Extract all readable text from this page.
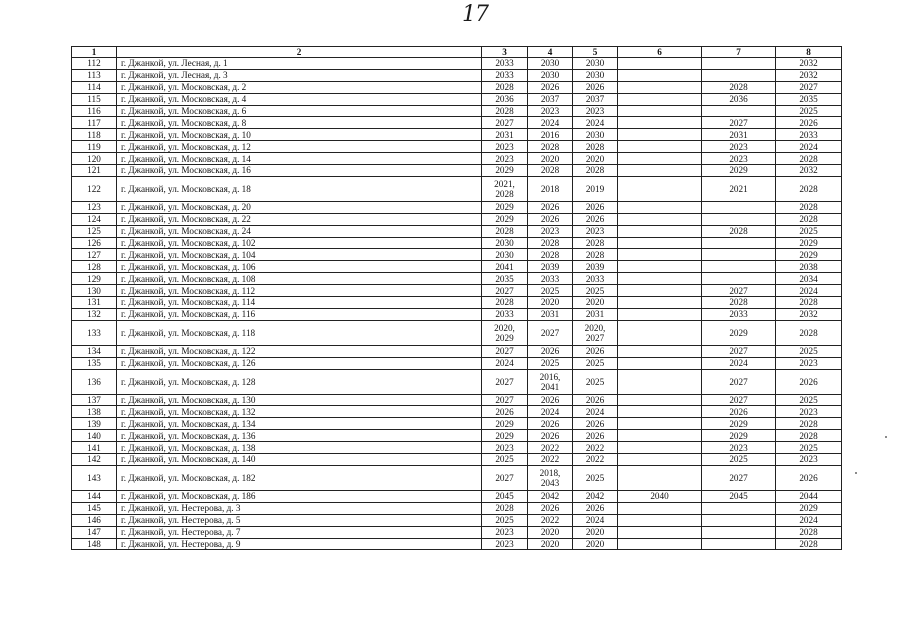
17
1	2	3	4	5	6	7	8
112	г. Джанкой, ул. Лесная, д. 1	2033	2030	2030			2032
113	г. Джанкой, ул. Лесная, д. 3	2033	2030	2030			2032
114	г. Джанкой, ул. Московская, д. 2	2028	2026	2026		2028	2027
115	г. Джанкой, ул. Московская, д. 4	2036	2037	2037		2036	2035
116	г. Джанкой, ул. Московская, д. 6	2028	2023	2023			2025
117	г. Джанкой, ул. Московская, д. 8	2027	2024	2024		2027	2026
118	г. Джанкой, ул. Московская, д. 10	2031	2016	2030		2031	2033
119	г. Джанкой, ул. Московская, д. 12	2023	2028	2028		2023	2024
120	г. Джанкой, ул. Московская, д. 14	2023	2020	2020		2023	2028
121	г. Джанкой, ул. Московская, д. 16	2029	2028	2028		2029	2032
122	г. Джанкой, ул. Московская, д. 18	2021, 2028	2018	2019		2021	2028
123	г. Джанкой, ул. Московская, д. 20	2029	2026	2026			2028
124	г. Джанкой, ул. Московская, д. 22	2029	2026	2026			2028
125	г. Джанкой, ул. Московская, д. 24	2028	2023	2023		2028	2025
126	г. Джанкой, ул. Московская, д. 102	2030	2028	2028			2029
127	г. Джанкой, ул. Московская, д. 104	2030	2028	2028			2029
128	г. Джанкой, ул. Московская, д. 106	2041	2039	2039			2038
129	г. Джанкой, ул. Московская, д. 108	2035	2033	2033			2034
130	г. Джанкой, ул. Московская, д. 112	2027	2025	2025		2027	2024
131	г. Джанкой, ул. Московская, д. 114	2028	2020	2020		2028	2028
132	г. Джанкой, ул. Московская, д. 116	2033	2031	2031		2033	2032
133	г. Джанкой, ул. Московская, д. 118	2020, 2029	2027	2020, 2027		2029	2028
134	г. Джанкой, ул. Московская, д. 122	2027	2026	2026		2027	2025
135	г. Джанкой, ул. Московская, д. 126	2024	2025	2025		2024	2023
136	г. Джанкой, ул. Московская, д. 128	2027	2016, 2041	2025		2027	2026
137	г. Джанкой, ул. Московская, д. 130	2027	2026	2026		2027	2025
138	г. Джанкой, ул. Московская, д. 132	2026	2024	2024		2026	2023
139	г. Джанкой, ул. Московская, д. 134	2029	2026	2026		2029	2028
140	г. Джанкой, ул. Московская, д. 136	2029	2026	2026		2029	2028
141	г. Джанкой, ул. Московская, д. 138	2023	2022	2022		2023	2025
142	г. Джанкой, ул. Московская, д. 140	2025	2022	2022		2025	2023
143	г. Джанкой, ул. Московская, д. 182	2027	2018, 2043	2025		2027	2026
144	г. Джанкой, ул. Московская, д. 186	2045	2042	2042	2040	2045	2044
145	г. Джанкой, ул. Нестерова, д. 3	2028	2026	2026			2029
146	г. Джанкой, ул. Нестерова, д. 5	2025	2022	2024			2024
147	г. Джанкой, ул. Нестерова, д. 7	2023	2020	2020			2028
148	г. Джанкой, ул. Нестерова, д. 9	2023	2020	2020			2028
